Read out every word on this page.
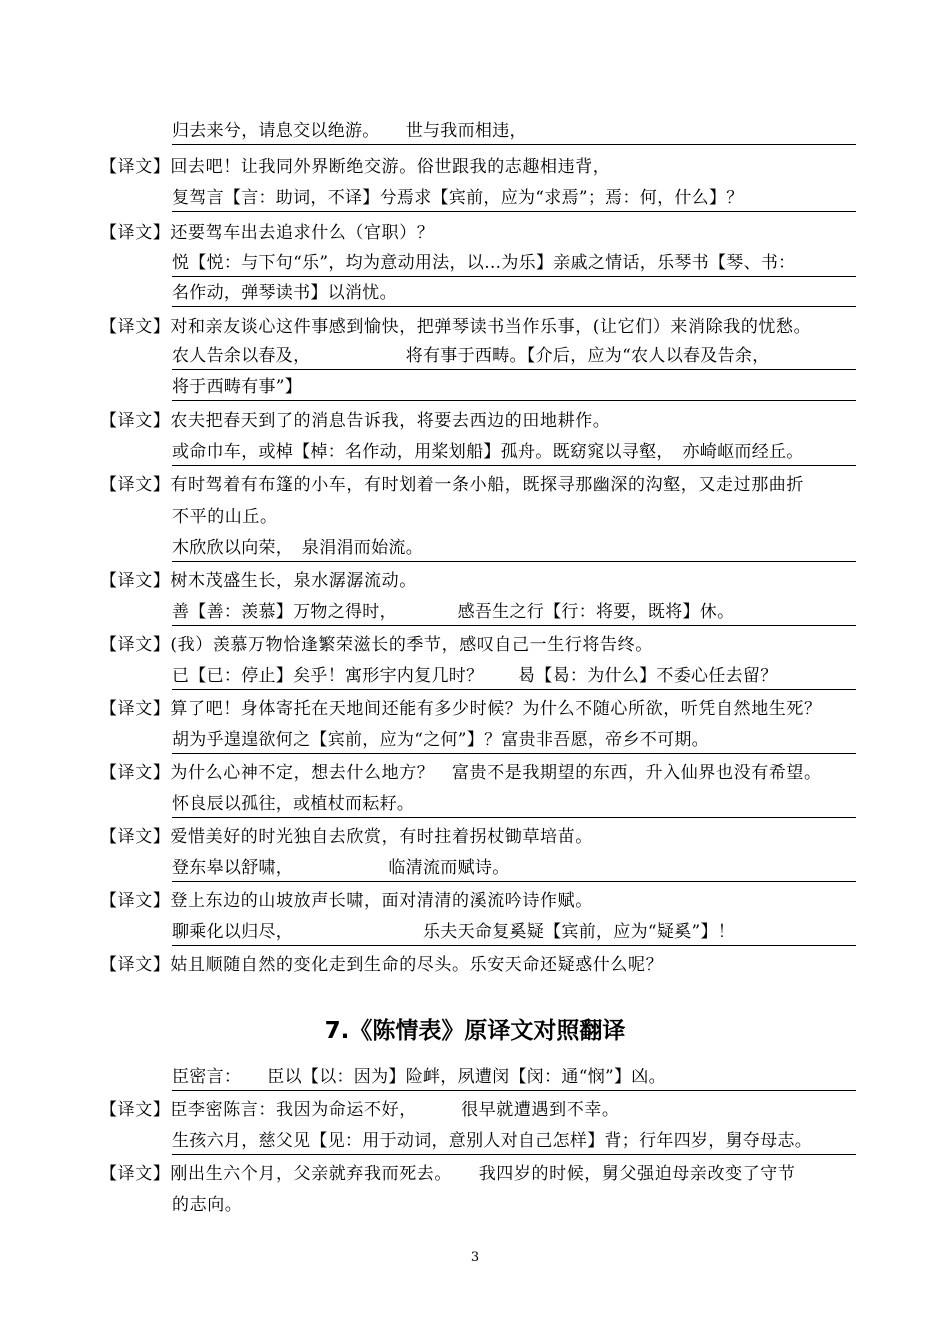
归去来兮，请息交以绝游。　　世与我而相违，
【译文】回去吧！让我同外界断绝交游。俗世跟我的志趣相违背，
复驾言【言：助词，不译】兮焉求【宾前，应为“求焉”；焉：何，什么】？
【译文】还要驾车出去追求什么（官职）？
悦【悦：与下句“乐”，均为意动用法，以…为乐】亲戚之情话，乐琴书【琴、书：
名作动，弹琴读书】以消忧。
【译文】对和亲友谈心这件事感到愉快，把弹琴读书当作乐事，(让它们）来消除我的忧愁。
农人告余以春及，　　　　　　将有事于西畴。【介后，应为“农人以春及告余，
将于西畴有事”】
【译文】农夫把春天到了的消息告诉我，将要去西边的田地耕作。
或命巾车，或棹【棹：名作动，用桨划船】孤舟。既窈窕以寻壑，　亦崎岖而经丘。
【译文】有时驾着有布篷的小车，有时划着一条小船，既探寻那幽深的沟壑，又走过那曲折
不平的山丘。
木欣欣以向荣，　泉涓涓而始流。
【译文】树木茂盛生长，泉水潺潺流动。
善【善：羡慕】万物之得时，　　　　感吾生之行【行：将要，既将】休。
【译文】(我）羡慕万物恰逢繁荣滋长的季节，感叹自己一生行将告终。
已【已：停止】矣乎！寓形宇内复几时？　　曷【曷：为什么】不委心任去留？
【译文】算了吧！身体寄托在天地间还能有多少时候？为什么不随心所欲，听凭自然地生死？
胡为乎遑遑欲何之【宾前，应为“之何”】？富贵非吾愿，帝乡不可期。
【译文】为什么心神不定，想去什么地方？　富贵不是我期望的东西，升入仙界也没有希望。
怀良辰以孤往，或植杖而耘耔。
【译文】爱惜美好的时光独自去欣赏，有时拄着拐杖锄草培苗。
登东皋以舒啸，　　　　　　临清流而赋诗。
【译文】登上东边的山坡放声长啸，面对清清的溪流吟诗作赋。
聊乘化以归尽，　　　　　　　　乐夫天命复奚疑【宾前，应为“疑奚”】！
【译文】姑且顺随自然的变化走到生命的尽头。乐安天命还疑惑什么呢？
7.《陈情表》原译文对照翻译
臣密言：　　臣以【以：因为】险衅，夙遭闵【闵：通“悯”】凶。
【译文】臣李密陈言：我因为命运不好，　　　很早就遭遇到不幸。
生孩六月，慈父见【见：用于动词，意别人对自己怎样】背；行年四岁，舅夺母志。
【译文】刚出生六个月，父亲就弃我而死去。　　我四岁的时候，舅父强迫母亲改变了守节
的志向。
3
